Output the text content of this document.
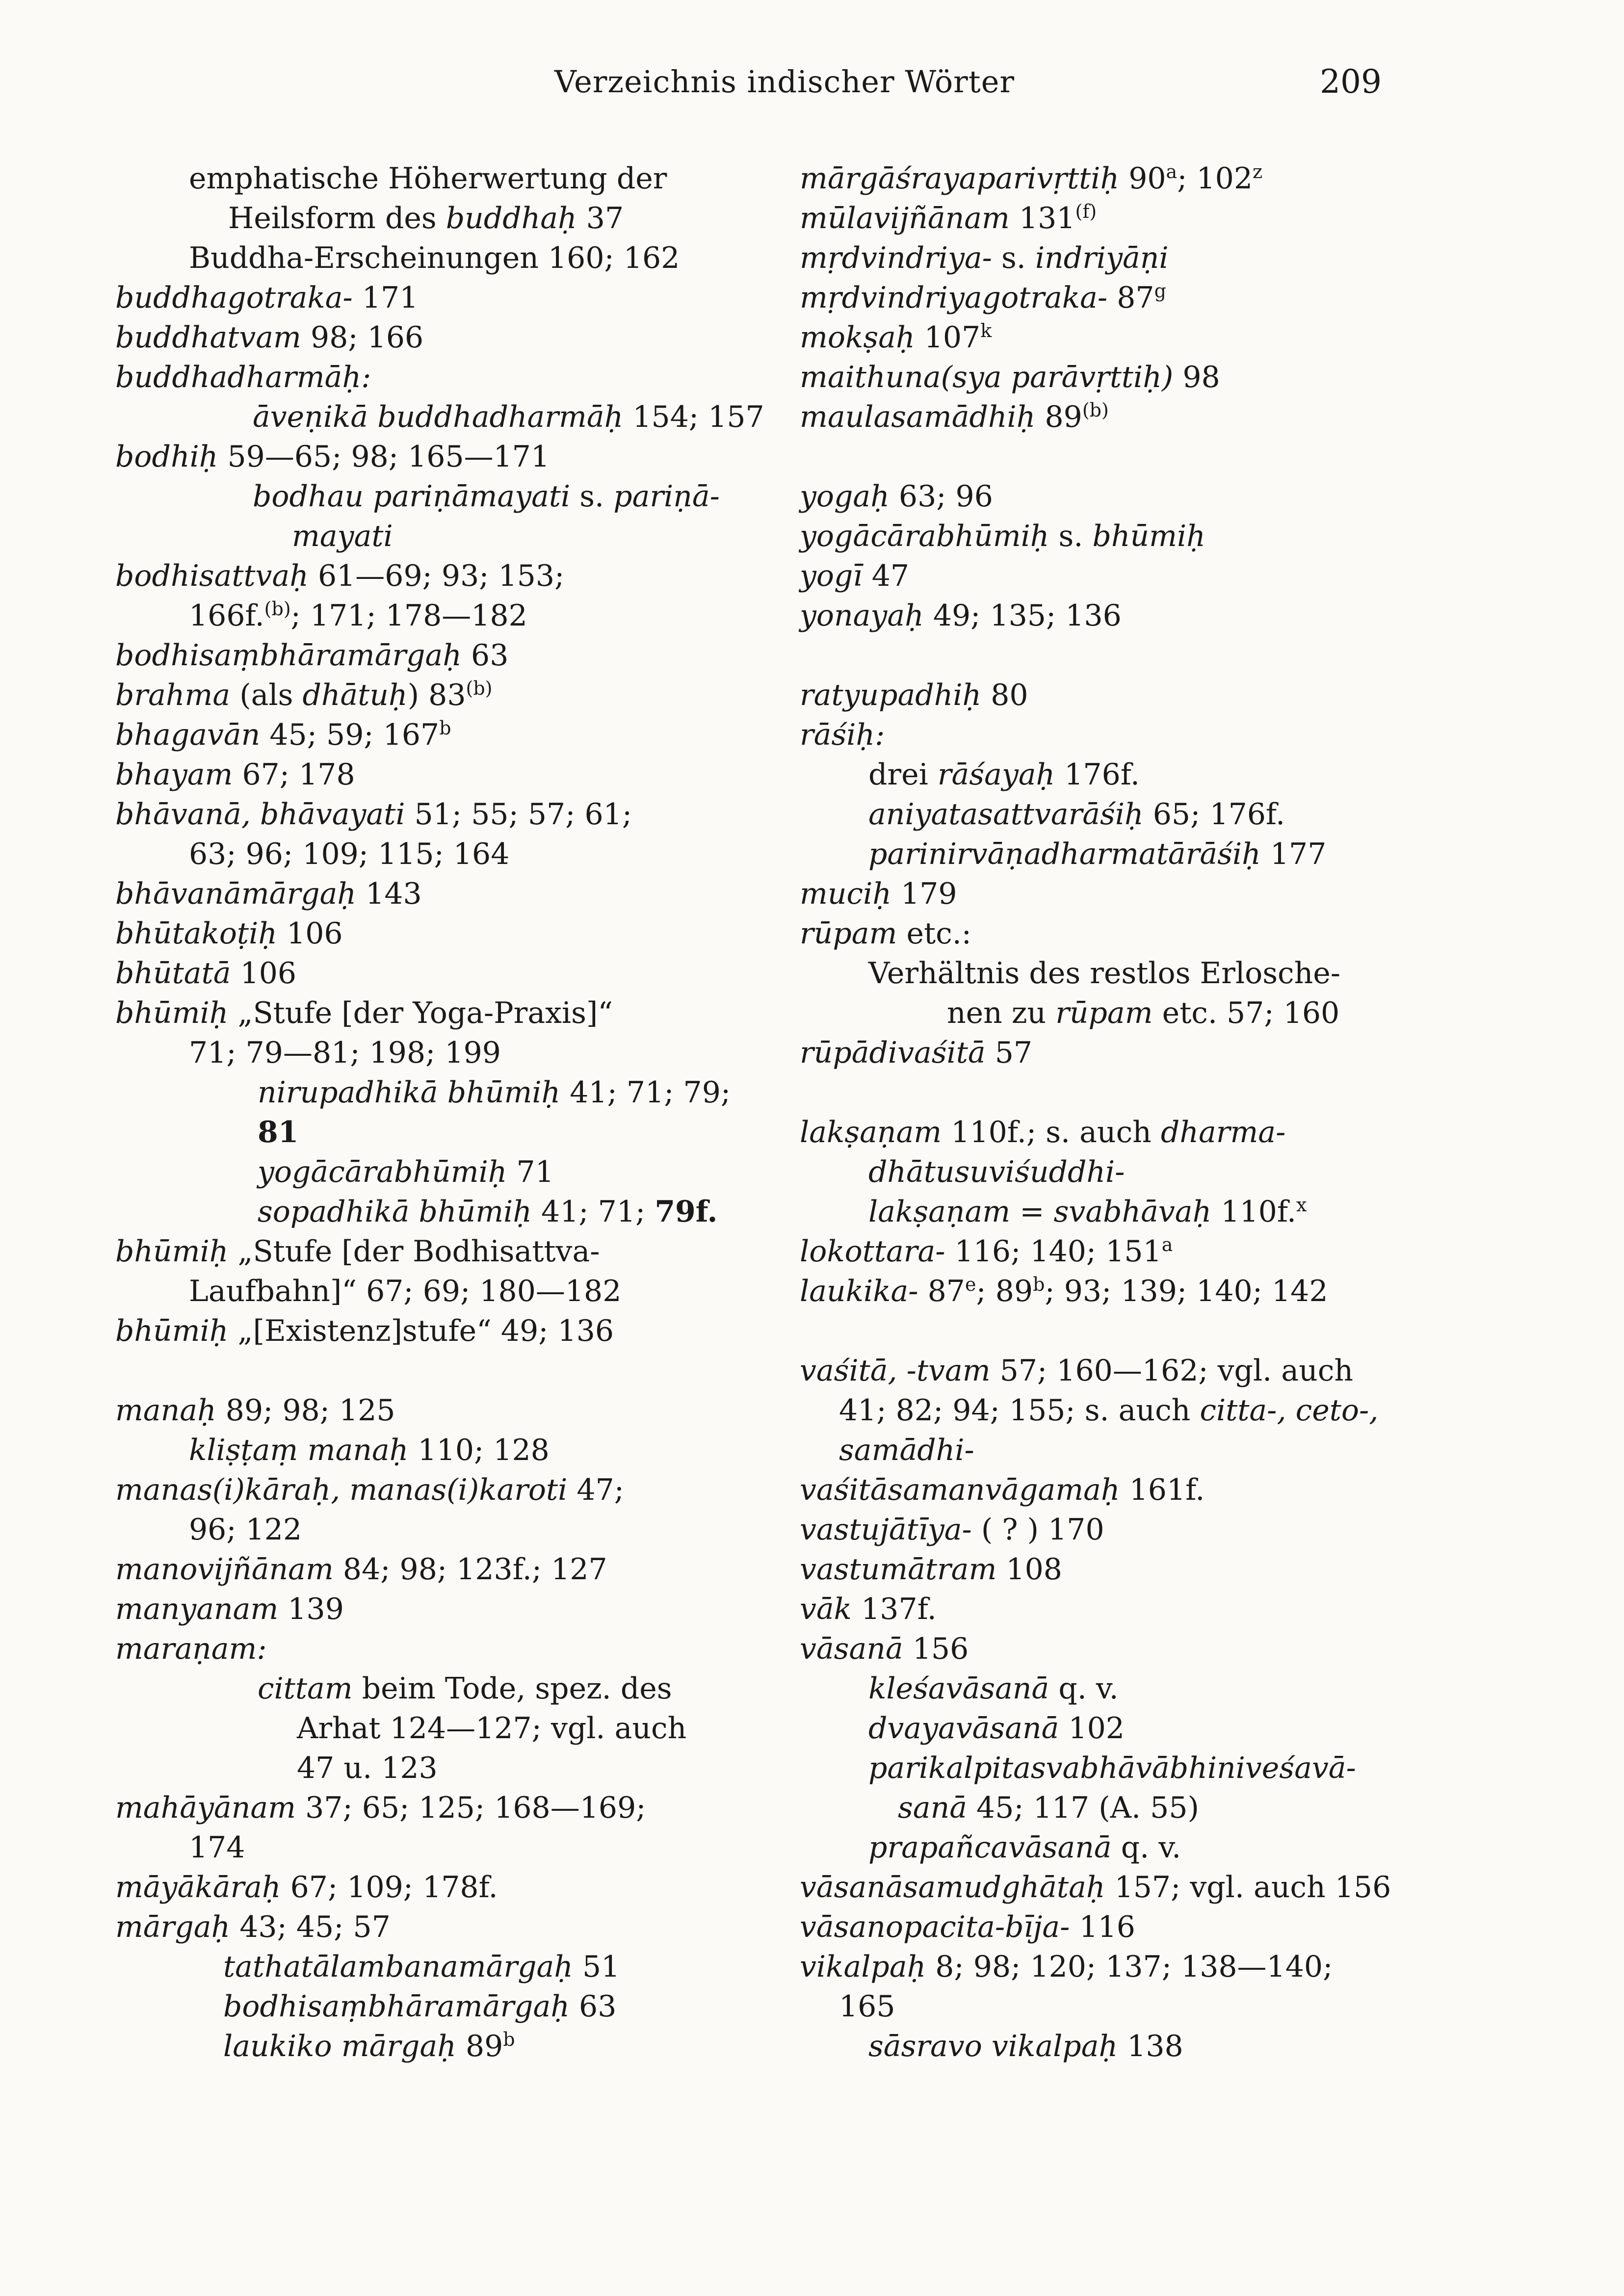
Verzeichnis indischer Wörter	209
emphatische Höherwertung der
Heilsform des buddhaḥ 37
Buddha-Erscheinungen 160; 162
buddhagotraka- 171
buddhatvam 98; 166
buddhadharmāḥ:
āveṇikā buddhadharmāḥ 154; 157
bodhiḥ 59—65; 98; 165—171
bodhau pariṇāmayati s. pariṇā-
mayati
bodhisattvaḥ 61—69; 93; 153;
166f.$^{(b)}$; 171; 178—182
bodhisaṃbhāramārgaḥ 63
brahma (als dhātuḥ) 83$^{(b)}$
bhagavān 45; 59; 167$^b$
bhayam 67; 178
bhāvanā, bhāvayati 51; 55; 57; 61;
63; 96; 109; 115; 164
bhāvanāmārgaḥ 143
bhūtakoṭiḥ 106
bhūtatā 106
bhūmiḥ „Stufe [der Yoga-Praxis]“
71; 79—81; 198; 199
nirupadhikā bhūmiḥ 41; 71; 79;
81
yogācārabhūmiḥ 71
sopadhikā bhūmiḥ 41; 71; 79f.
bhūmiḥ „Stufe [der Bodhisattva-
Laufbahn]“ 67; 69; 180—182
bhūmiḥ „[Existenz]stufe“ 49; 136
manaḥ 89; 98; 125
kliṣṭaṃ manaḥ 110; 128
manas(i)kāraḥ, manas(i)karoti 47;
96; 122
manovijñānam 84; 98; 123f.; 127
manyanam 139
maraṇam:
cittam beim Tode, spez. des
Arhat 124—127; vgl. auch
47 u. 123
mahāyānam 37; 65; 125; 168—169;
174
māyākāraḥ 67; 109; 178f.
mārgaḥ 43; 45; 57
tathatālambanamārgaḥ 51
bodhisaṃbhāramārgaḥ 63
laukiko mārgaḥ 89$^b$
mārgāśrayaparivṛttiḥ 90$^a$; 102$^z$
mūlavijñānam 131$^{(f)}$
mṛdvindriya- s. indriyāṇi
mṛdvindriyagotraka- 87$^g$
mokṣaḥ 107$^k$
maithuna(sya parāvṛttiḥ) 98
maulasamādhiḥ 89$^{(b)}$
yogaḥ 63; 96
yogācārabhūmiḥ s. bhūmiḥ
yogī 47
yonayaḥ 49; 135; 136
ratyupadhiḥ 80
rāśiḥ:
drei rāśayaḥ 176f.
aniyatasattvarāśiḥ 65; 176f.
parinirvāṇadharmatārāśiḥ 177
muciḥ 179
rūpam etc.:
Verhältnis des restlos Erlosche-
nen zu rūpam etc. 57; 160
rūpādivaśitā 57
lakṣaṇam 110f.; s. auch dharma-
dhātusuviśuddhi-
lakṣaṇam = svabhāvaḥ 110f.$^x$
lokottara- 116; 140; 151$^a$
laukika- 87e; 89$^b$; 93; 139; 140; 142
vaśitā, -tvam 57; 160—162; vgl. auch
41; 82; 94; 155; s. auch citta-, ceto-,
samādhi-
vaśitāsamanvāgamaḥ 161f.
vastujātīya- ( ? ) 170
vastumātram 108
vāk 137f.
vāsanā 156
kleśavāsanā q. v.
dvayavāsanā 102
parikalpitasvabhāvābhiniveśavā-
sanā 45; 117 (A. 55)
prapañcavāsanā q. v.
vāsanāsamudghātaḥ 157; vgl. auch 156
vāsanopacita-bīja- 116
vikalpaḥ 8; 98; 120; 137; 138—140;
165
sāsravo vikalpaḥ 138
